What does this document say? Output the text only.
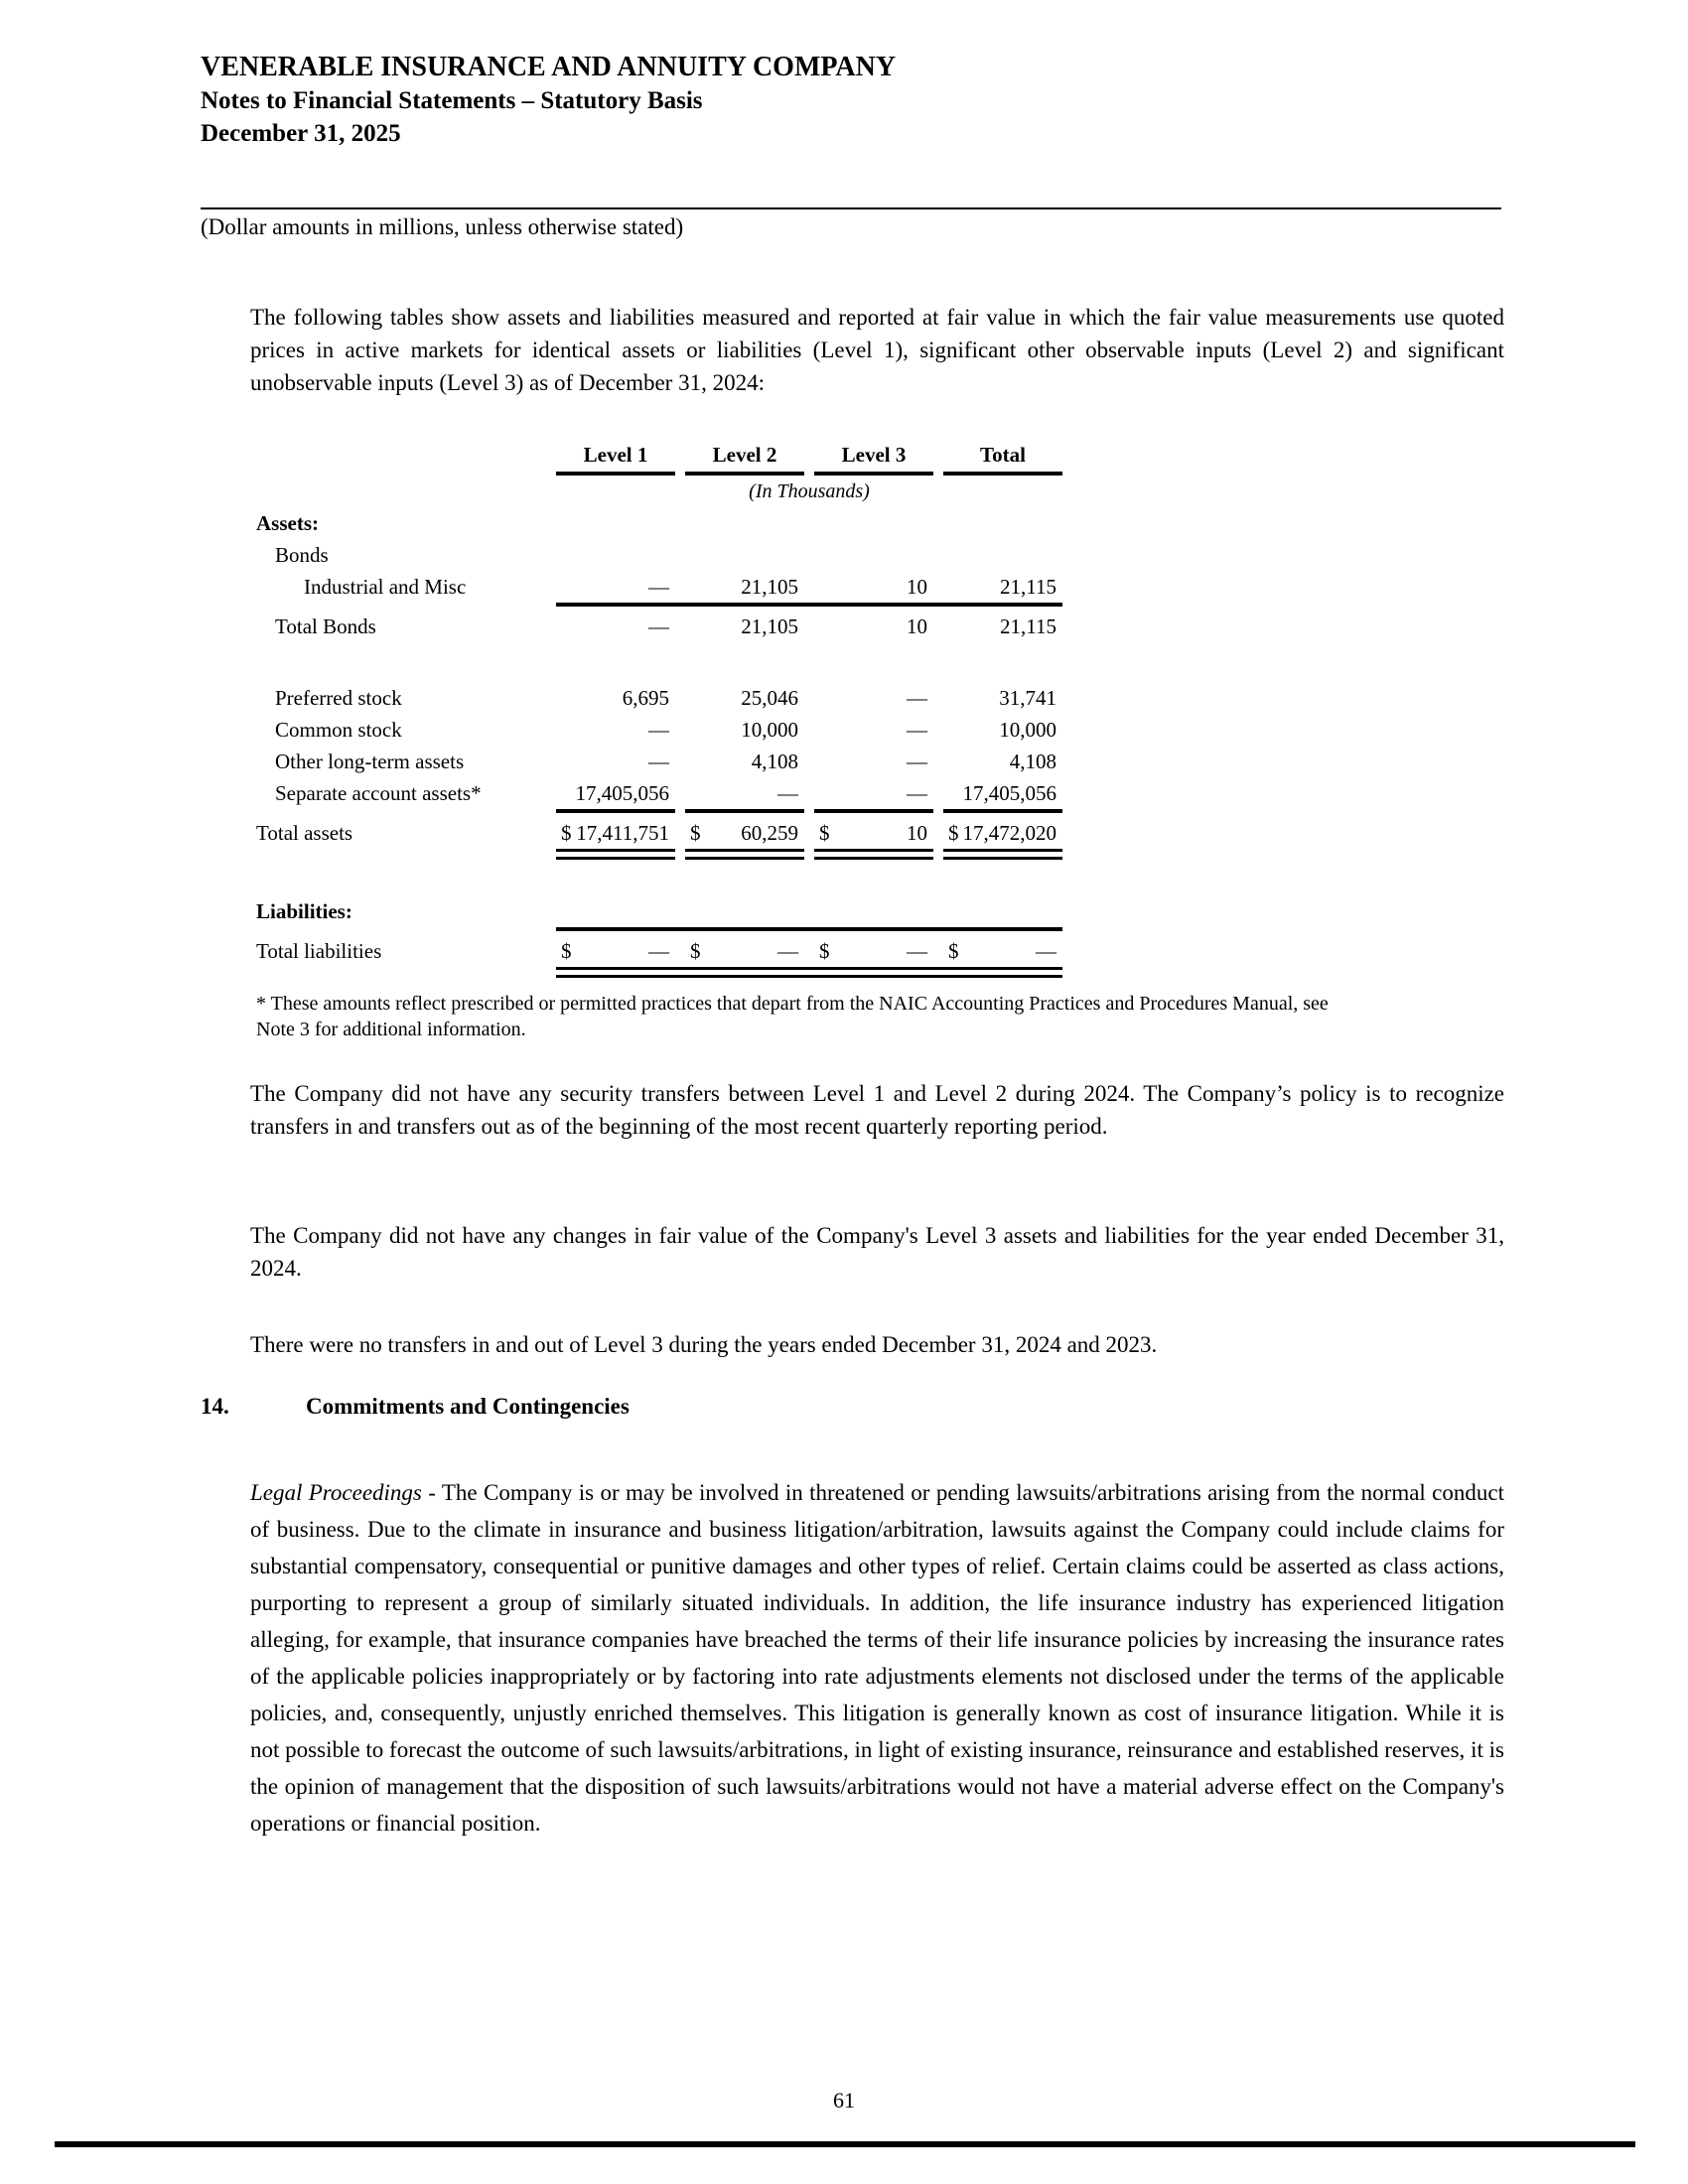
VENERABLE INSURANCE AND ANNUITY COMPANY
Notes to Financial Statements – Statutory Basis
December 31, 2025
(Dollar amounts in millions, unless otherwise stated)

The following tables show assets and liabilities measured and reported at fair value in which the fair value measurements use quoted prices in active markets for identical assets or liabilities (Level 1), significant other observable inputs (Level 2) and significant unobservable inputs (Level 3) as of December 31, 2024:

Level 1	Level 2	Level 3	Total
(In Thousands)
Assets:
Bonds
Industrial and Misc	—	21,105	10	21,115
Total Bonds	—	21,105	10	21,115
Preferred stock	6,695	25,046	—	31,741
Common stock	—	10,000	—	10,000
Other long-term assets	—	4,108	—	4,108
Separate account assets*	17,405,056	—	— 17,405,056
Total assets	$ 17,411,751 $ 60,259 $	10 $ 17,472,020
Liabilities:
Total liabilities	$	— $	— $	— $	—
* These amounts reflect prescribed or permitted practices that depart from the NAIC Accounting Practices and Procedures Manual, see
Note 3 for additional information.

The Company did not have any security transfers between Level 1 and Level 2 during 2024. The Company’s policy is to recognize transfers in and transfers out as of the beginning of the most recent quarterly reporting period.

The Company did not have any changes in fair value of the Company's Level 3 assets and liabilities for the year ended December 31, 2024.

There were no transfers in and out of Level 3 during the years ended December 31, 2024 and 2023.

14.	Commitments and Contingencies

Legal Proceedings - The Company is or may be involved in threatened or pending lawsuits/arbitrations arising from the normal conduct of business. Due to the climate in insurance and business litigation/arbitration, lawsuits against the Company could include claims for substantial compensatory, consequential or punitive damages and other types of relief. Certain claims could be asserted as class actions, purporting to represent a group of similarly situated individuals. In addition, the life insurance industry has experienced litigation alleging, for example, that insurance companies have breached the terms of their life insurance policies by increasing the insurance rates of the applicable policies inappropriately or by factoring into rate adjustments elements not disclosed under the terms of the applicable policies, and, consequently, unjustly enriched themselves. This litigation is generally known as cost of insurance litigation. While it is not possible to forecast the outcome of such lawsuits/arbitrations, in light of existing insurance, reinsurance and established reserves, it is the opinion of management that the disposition of such lawsuits/arbitrations would not have a material adverse effect on the Company's operations or financial position.

61
